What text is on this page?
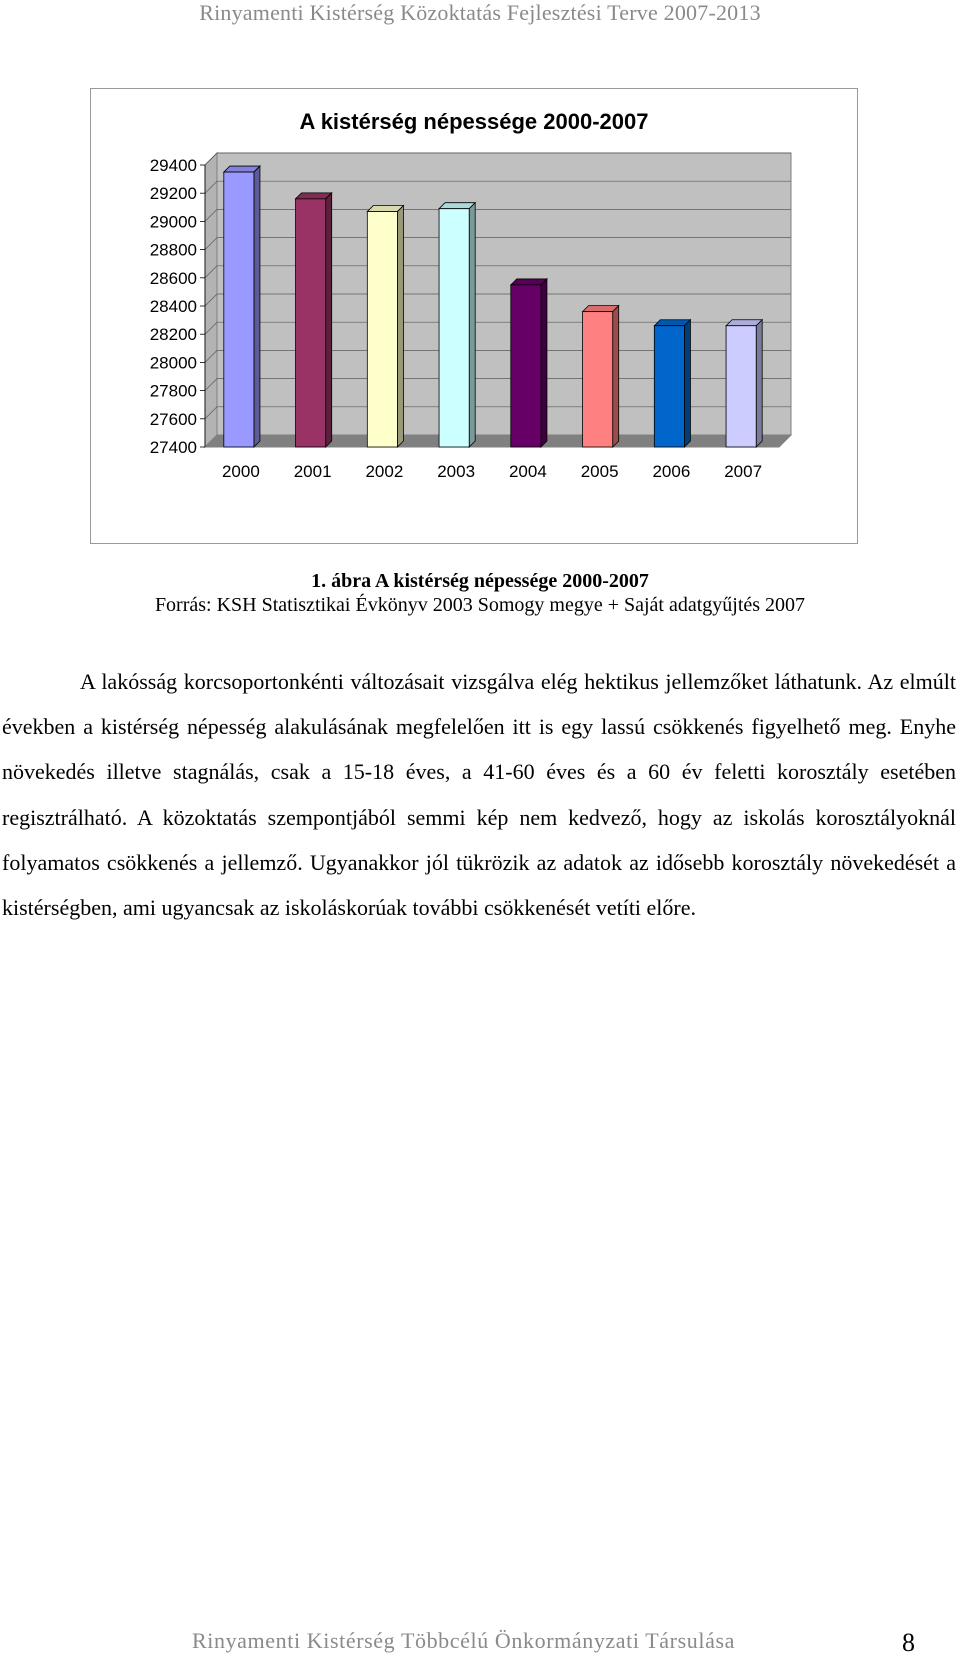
Rinyamenti Kistérség Közoktatás Fejlesztési Terve 2007-2013
A kistérség népessége 2000-2007
29400
29200
29000
28800
28600
28400
28200
28000
27800
27600
27400
2000 2001 2002 2003 2004 2005 2006 2007
1. ábra A kistérség népessége 2000-2007
Forrás: KSH Statisztikai Évkönyv 2003 Somogy megye + Saját adatgyűjtés 2007

A lakósság korcsoportonkénti változásait vizsgálva elég hektikus jellemzőket láthatunk. Az elmúlt években a kistérség népesség alakulásának megfelelően itt is egy lassú csökkenés figyelhető meg. Enyhe növekedés illetve stagnálás, csak a 15-18 éves, a 41-60 éves és a 60 év feletti korosztály esetében regisztrálható. A közoktatás szempontjából semmi kép nem kedvező, hogy az iskolás korosztályoknál folyamatos csökkenés a jellemző. Ugyanakkor jól tükrözik az adatok az idősebb korosztály növekedését a kistérségben, ami ugyancsak az iskoláskorúak további csökkenését vetíti előre.

Rinyamenti Kistérség Többcélú Önkormányzati Társulása	8
